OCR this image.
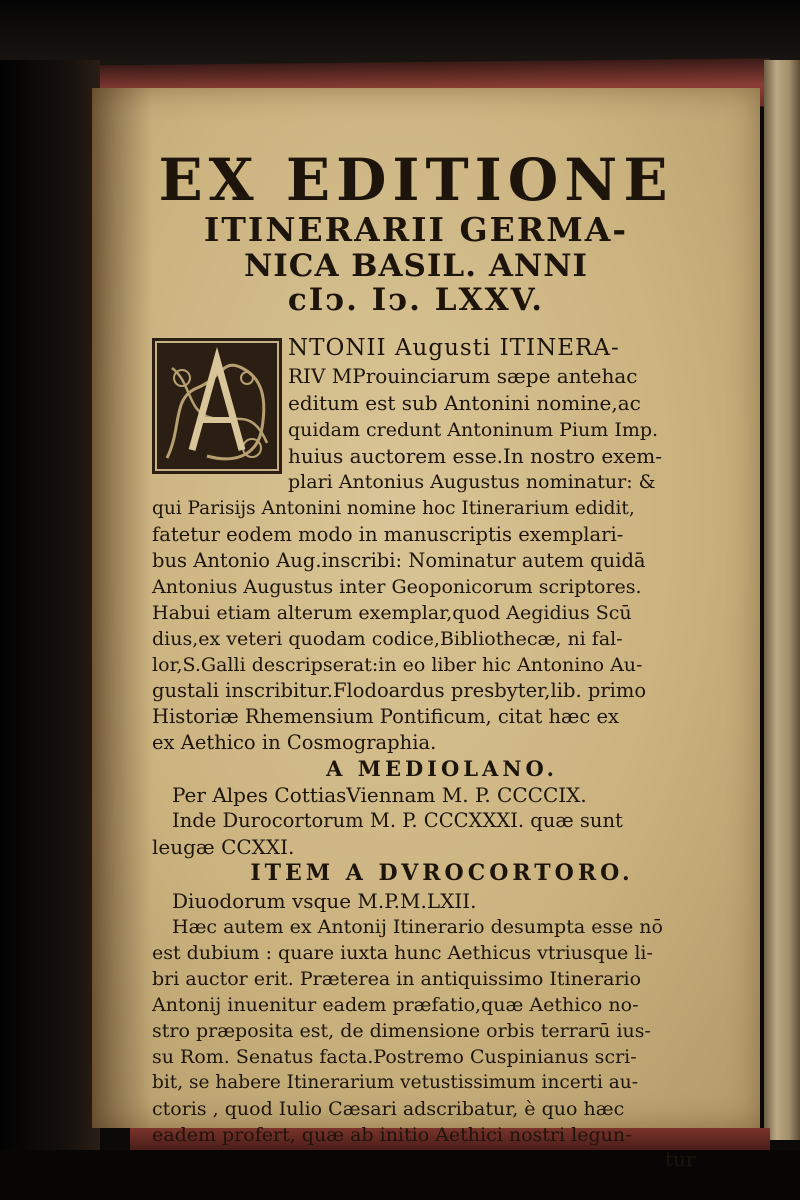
EX EDITIONE

ITINERARII GERMA-

NICA BASIL. ANNI

cIↄ. Iↄ. LXXV.

NTONII Augusti ITINERA-

RIV MProuinciarum sæpe antehac

editum est sub Antonini nomine,ac

quidam credunt Antoninum Pium Imp.

huius auctorem esse.In nostro exem-

plari Antonius Augustus nominatur: &

qui Parisijs Antonini nomine hoc Itinerarium edidit,

fatetur eodem modo in manuscriptis exemplari-

bus Antonio Aug.inscribi: Nominatur autem quidā

Antonius Augustus inter Geoponicorum scriptores.

Habui etiam alterum exemplar,quod Aegidius Scū

dius,ex veteri quodam codice,Bibliothecæ, ni fal-

lor,S.Galli descripserat:in eo liber hic Antonino Au-

gustali inscribitur.Flodoardus presbyter,lib. primo

Historiæ Rhemensium Pontificum, citat hæc ex

ex Aethico in Cosmographia.

A MEDIOLANO.

Per Alpes CottiasViennam M. P. CCCCIX.

Inde Durocortorum M. P. CCCXXXI. quæ sunt

leugæ CCXXI.

ITEM A DVROCORTORO.

Diuodorum vsque M.P.M.LXII.

Hæc autem ex Antonij Itinerario desumpta esse nō

est dubium : quare iuxta hunc Aethicus vtriusque li-

bri auctor erit. Præterea in antiquissimo Itinerario

Antonij inuenitur eadem præfatio,quæ Aethico no-

stro præposita est, de dimensione orbis terrarū ius-

su Rom. Senatus facta.Postremo Cuspinianus scri-

bit, se habere Itinerarium vetustissimum incerti au-

ctoris , quod Iulio Cæsari adscribatur, è quo hæc

eadem profert, quæ ab initio Aethici nostri legun-

tur
